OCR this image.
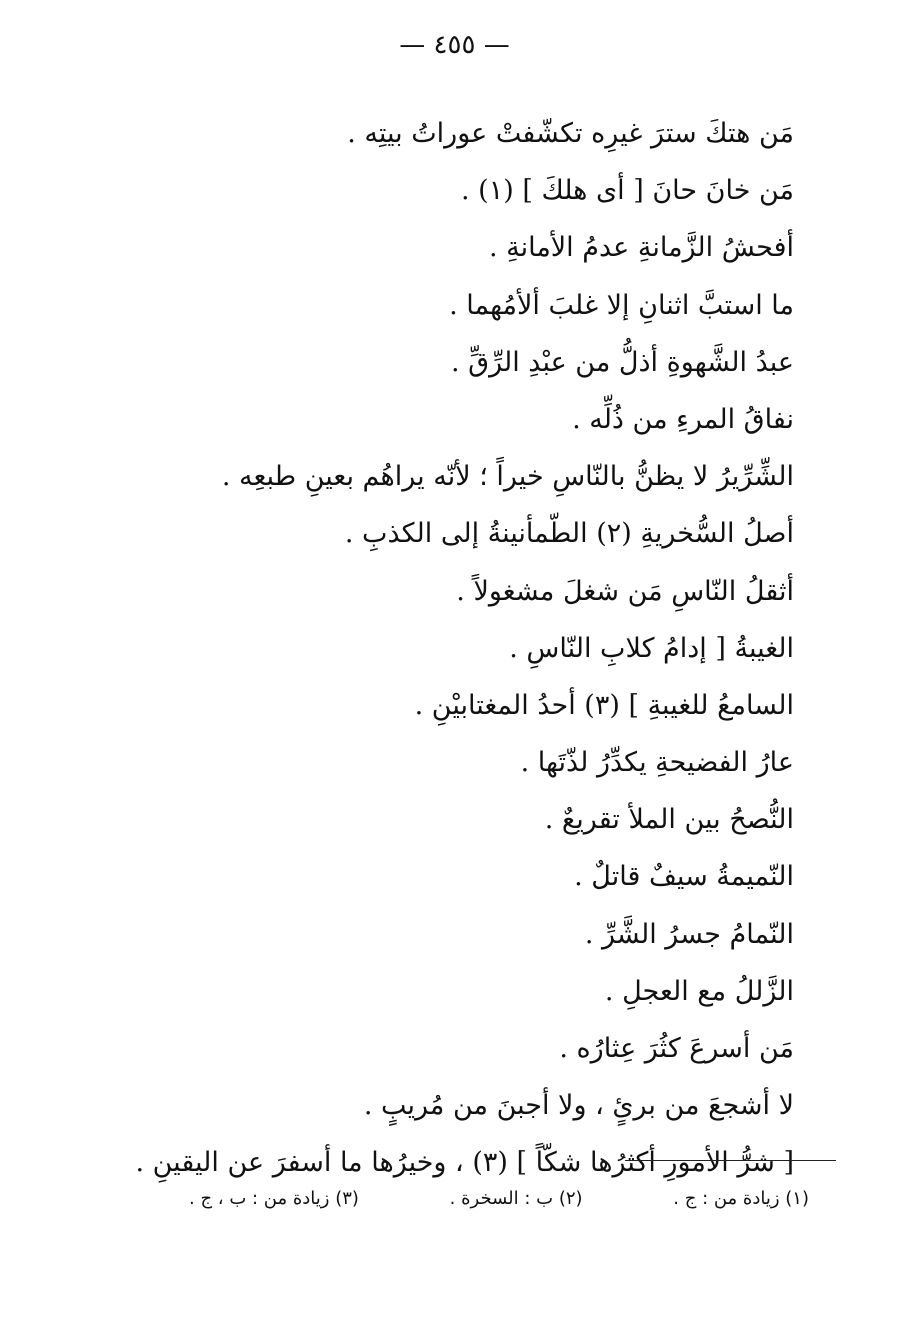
— ٤٥٥ —
مَن هتكَ سترَ غيرِه تكشّفتْ عوراتُ بيتِه .
مَن خانَ حانَ [ أى هلكَ ] (١) .
أفحشُ الزَّمانةِ عدمُ الأمانةِ .
ما استبَّ اثنانِ إلا غلبَ ألأمُهما .
عبدُ الشَّهوةِ أذلُّ من عبْدِ الرِّقِّ .
نفاقُ المرءِ من ذُلِّه .
الشِّرِّيرُ لا يظنُّ بالنّاسِ خيراً ؛ لأنّه يراهُم بعينِ طبعِه .
أصلُ السُّخريةِ (٢) الطّمأنينةُ إلى الكذبِ .
أثقلُ النّاسِ مَن شغلَ مشغولاً .
الغيبةُ [ إدامُ كلابِ النّاسِ .
السامعُ للغيبةِ ] (٣) أحدُ المغتابيْنِ .
عارُ الفضيحةِ يكدِّرُ لذّتَها .
النُّصحُ بين الملأ تقريعٌ .
النّميمةُ سيفٌ قاتلٌ .
النّمامُ جسرُ الشَّرِّ .
الزَّللُ مع العجلِ .
مَن أسرعَ كثُرَ عِثارُه .
لا أشجعَ من برئٍ ، ولا أجبنَ من مُريبٍ .
[ شرُّ الأمورِ أكثرُها شكّاً ] (٣) ، وخيرُها ما أسفرَ عن اليقينِ .
(١) زيادة من : ج .
(٢) ب : السخرة .
(٣) زيادة من : ب ، ج .
